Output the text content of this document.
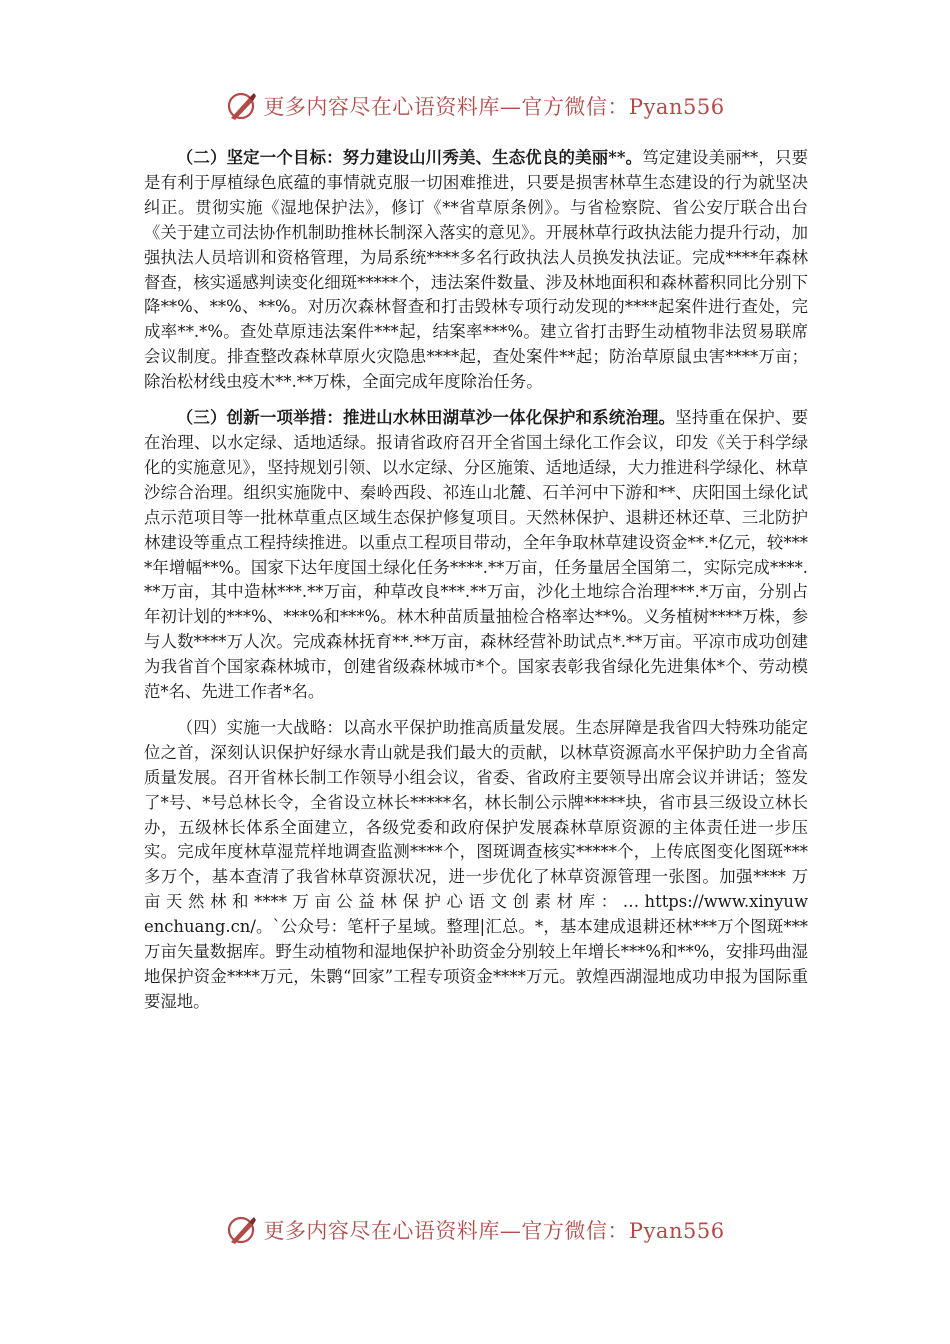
更多内容尽在心语资料库—官方微信：Pyan556

（二）坚定一个目标：努力建设山川秀美、生态优良的美丽**。笃定建设美丽**，只要是有利于厚植绿色底蕴的事情就克服一切困难推进，只要是损害林草生态建设的行为就坚决纠正。贯彻实施《湿地保护法》，修订《**省草原条例》。与省检察院、省公安厅联合出台《关于建立司法协作机制助推林长制深入落实的意见》。开展林草行政执法能力提升行动，加强执法人员培训和资格管理，为局系统****多名行政执法人员换发执法证。完成****年森林督查，核实遥感判读变化细斑*****个，违法案件数量、涉及林地面积和森林蓄积同比分别下降**%、**%、**%。对历次森林督查和打击毁林专项行动发现的****起案件进行查处，完成率**.*%。查处草原违法案件***起，结案率***%。建立省打击野生动植物非法贸易联席会议制度。排查整改森林草原火灾隐患****起，查处案件**起；防治草原鼠虫害****万亩；除治松材线虫疫木**.**万株，全面完成年度除治任务。

（三）创新一项举措：推进山水林田湖草沙一体化保护和系统治理。坚持重在保护、要在治理、以水定绿、适地适绿。报请省政府召开全省国土绿化工作会议，印发《关于科学绿化的实施意见》，坚持规划引领、以水定绿、分区施策、适地适绿，大力推进科学绿化、林草沙综合治理。组织实施陇中、秦岭西段、祁连山北麓、石羊河中下游和**、庆阳国土绿化试点示范项目等一批林草重点区域生态保护修复项目。天然林保护、退耕还林还草、三北防护林建设等重点工程持续推进。以重点工程项目带动，全年争取林草建设资金**.*亿元，较****年增幅**%。国家下达年度国土绿化任务****.**万亩，任务量居全国第二，实际完成****.**万亩，其中造林***.**万亩，种草改良***.**万亩，沙化土地综合治理***.*万亩，分别占年初计划的***%、***%和***%。林木种苗质量抽检合格率达**%。义务植树****万株，参与人数****万人次。完成森林抚育**.**万亩，森林经营补助试点*.**万亩。平凉市成功创建为我省首个国家森林城市，创建省级森林城市*个。国家表彰我省绿化先进集体*个、劳动模范*名、先进工作者*名。

（四）实施一大战略：以高水平保护助推高质量发展。生态屏障是我省四大特殊功能定位之首，深刻认识保护好绿水青山就是我们最大的贡献，以林草资源高水平保护助力全省高质量发展。召开省林长制工作领导小组会议，省委、省政府主要领导出席会议并讲话；签发了*号、*号总林长令，全省设立林长*****名，林长制公示牌*****块，省市县三级设立林长办，五级林长体系全面建立，各级党委和政府保护发展森林草原资源的主体责任进一步压实。完成年度林草湿荒样地调查监测****个，图斑调查核实*****个，上传底图变化图斑***多万个，基本查清了我省林草资源状况，进一步优化了林草资源管理一张图。加强**** 万 亩 天 然 林 和 **** 万 亩 公 益 林 保 护 心 语 文 创 素 材 库 ： … https://www.xinyuwenchuang.cn/。`公众号：笔杆子星域。整理|汇总。*，基本建成退耕还林***万个图斑***万亩矢量数据库。野生动植物和湿地保护补助资金分别较上年增长***%和**%，安排玛曲湿地保护资金****万元，朱鹮“回家”工程专项资金****万元。敦煌西湖湿地成功申报为国际重要湿地。

更多内容尽在心语资料库—官方微信：Pyan556
